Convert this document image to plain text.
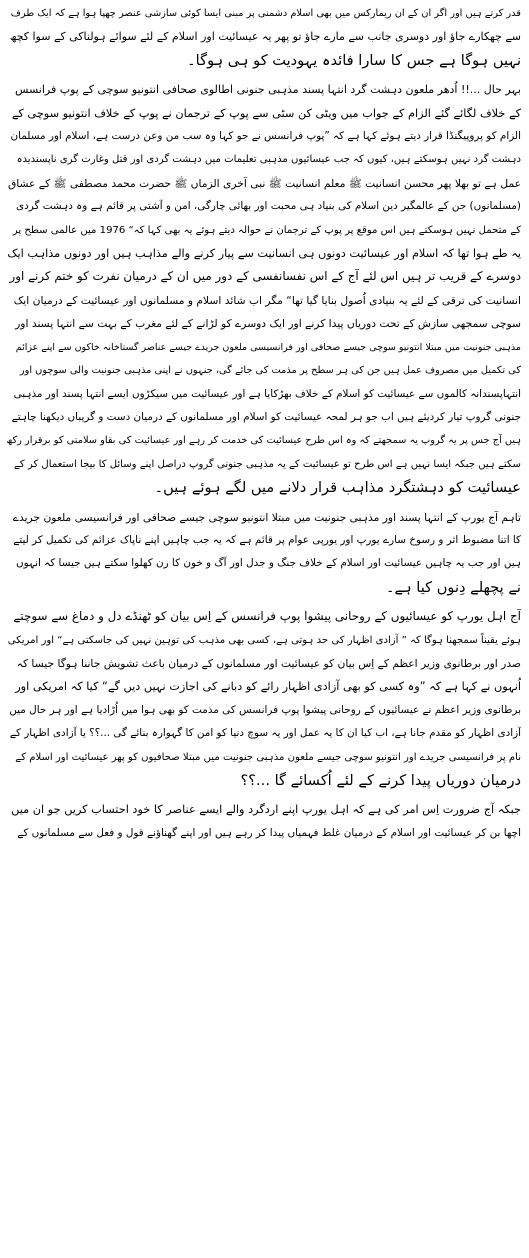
قدر کرتے ہیں اور اگر ان کے ان ریمارکس میں بھی اسلام دشمنی پر مبنی ایسا کوئی سازشی عنصر چھپا ہوا ہے کہ ایک طرف
سے چھکارے جاؤ اور دوسری جانب سے مارے جاؤ تو پھر یہ عیسائیت اور اسلام کے لئے سوائے ہولناکی کے سوا کچھ
نہیں ہوگا ہے جس کا سارا فائدہ یہودیت کو ہی ہوگا۔
بہر حال ...!! اُدھر ملعون دہشت گرد انتہا پسند مذہبی جنونی اطالوی صحافی انتونیو سوچی کے پوپ فرانسس
کے خلاف لگائے گئے الزام کے جواب میں ویٹی کن سٹی سے پوپ کے ترجمان نے پوپ کے خلاف انتونیو سوچی کے
الزام کو پروپیگنڈا قرار دیتے ہوئے کہا ہے کہ ”پوپ فرانسس نے جو کہا وہ سب من وعن درست ہے، اسلام اور مسلمان
دہشت گرد نہیں ہوسکتے ہیں، کیوں کہ جب عیسائیوں مذہبی تعلیمات میں دہشت گردی اور قتل وغارت گری ناپسندیدہ
عمل ہے تو بھلا پھر محسن انسانیت ﷺ معلم انسانیت ﷺ نبی آخری الزماں ﷺ حضرت محمد مصطفی ﷺ کے عشاق
(مسلمانوں) جن کے عالمگیر دین اسلام کی بنیاد ہی محبت اور بھائی چارگی، امن و آشتی پر قائم ہے وہ دہشت گردی
کے متحمل نہیں ہوسکتے ہیں اس موقع پر پوپ کے ترجمان نے حوالہ دیتے ہوئے یہ بھی کہا کہ“ 1976 میں عالمی سطح پر
یہ طے ہوا تھا کہ اسلام اور عیسائیت دونوں ہی انسانیت سے پیار کرنے والے مذاہب ہیں اور دونوں مذاہب ایک
دوسرے کے قریب تر ہیں اس لئے آج کے اس نفسانفسی کے دور میں ان کے درمیان نفرت کو ختم کرنے اور
انسانیت کی ترقی کے لئے یہ بنیادی اُصول بنایا گیا تھا“ مگر اب شائد اسلام و مسلمانوں اور عیسائیت کے درمیان ایک
سوچی سمجھی سازش کے تحت دوریاں پیدا کرنے اور ایک دوسرے کو لڑانے کے لئے مغرب کے بہت سے انتہا پسند اور
مذہبی جنونیت میں مبتلا انتونیو سوچی جیسے صحافی اور فرانسیسی ملعون جریدے جیسے عناصر گستاخانہ خاکوں سے اپنے عزائم
کی تکمیل میں مصروف عمل ہیں جن کی ہر سطح پر مذمت کی جائے گی، جنہوں نے اپنی مذہبی جنونیت والی سوچوں اور
انتہاپسندانہ کالموں سے عیسائیت کو اسلام کے خلاف بھڑکایا ہے اور عیسائیت میں سیکڑوں ایسے انتہا پسند اور مذہبی
جنونی گروپ تیار کردیئے ہیں اب جو ہر لمحہ عیسائیت کو اسلام اور مسلمانوں کے درمیان دست و گریباں دیکھنا چاہتے
ہیں آج جس پر یہ گروپ یہ سمجھتے کہ وہ اس طرح عیسائیت کی خدمت کر رہے اور عیسائیت کی بقاو سلامتی کو برقرار رکھ
سکتے ہیں جبکہ ایسا نہیں ہے اس طرح تو عیسائیت کے یہ مذہبی جنونی گروپ دراصل اپنے وسائل کا بیجا استعمال کر کے
عیسائیت کو دہشتگرد مذاہب قرار دلانے میں لگے ہوئے ہیں۔
تاہم آج یورپ کے انتہا پسند اور مذہبی جنونیت میں مبتلا انتونیو سوچی جیسے صحافی اور فرانسیسی ملعون جریدے
کا اتنا مضبوط اثر و رسوخ سارے یورپ اور یورپی عوام پر قائم ہے کہ یہ جب چاہیں اپنے ناپاک عزائم کی تکمیل کر لیتے
ہیں اور جب یہ چاہیں عیسائیت اور اسلام کے خلاف جنگ و جدل اور آگ و خون کا رن کھلوا سکتے ہیں جیسا کہ انہوں
نے پچھلے دِنوں کیا ہے۔
آج اہل یورپ کو عیسائیوں کے روحانی پیشوا پوپ فرانسس کے اِس بیان کو ٹھنڈے دل و دماغ سے سوچتے
ہوئے یقیناً سمجھنا ہوگا کہ ” آزادی اظہار کی حد ہوتی ہے، کسی بھی مذہب کی توہین نہیں کی جاسکتی ہے“ اور امریکی
صدر اور برطانوی وزیر اعظم کے اِس بیان کو عیسائیت اور مسلمانوں کے درمیان باعث تشویش جاننا ہوگا جیسا کہ
اُنہوں نے کہا ہے کہ ”وہ کسی کو بھی آزادی اظہار رائے کو دبانے کی اجازت نہیں دیں گے“ کیا کہ امریکی اور
برطانوی وزیر اعظم نے عیسائیوں کے روحانی پیشوا پوپ فرانسس کی مذمت کو بھی ہوا میں اُڑادیا ہے اور ہر حال میں
آزادی اظہار کو مقدم جانا ہے، اب کیا ان کا یہ عمل اور یہ سوچ دنیا کو امن کا گہوارہ بنائے گی ...؟؟ یا آزادی اظہار کے
نام پر فرانسیسی جریدے اور انتونیو سوچی جیسے ملعون مذہبی جنونیت میں مبتلا صحافیوں کو پھر عیسائیت اور اسلام کے
درمیان دوریاں پیدا کرنے کے لئے اُکسائے گا ...؟؟
جبکہ آج ضرورت اِس امر کی ہے کہ اہل یورپ اپنے اردگرد والے ایسے عناصر کا خود احتساب کریں جو ان میں
اچھا بن کر عیسائیت اور اسلام کے درمیان غلط فہمیاں پیدا کر رہے ہیں اور اپنے گھناؤنے قول و فعل سے مسلمانوں کے
